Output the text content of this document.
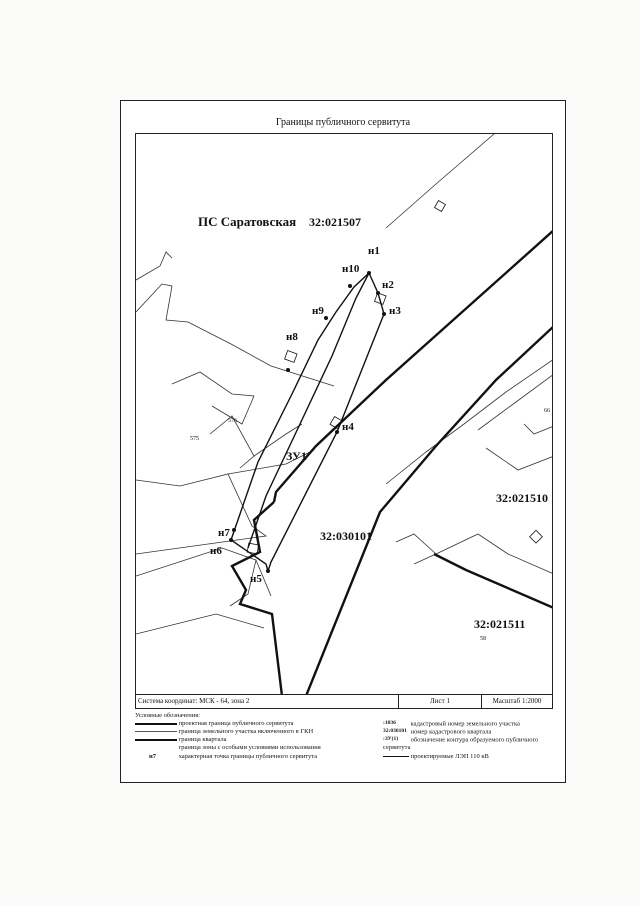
Границы публичного сервитута
ПС Саратовская 32:021507
32:030101
32:021510
32:021511
ЗУ1
н1
н2
н3
н4
н5
н6
н7
н8
н9
н10
576
575
66
58
Система координат: МСК - 64, зона 2	Лист 1	Масштаб 1:2000
Условные обозначения:
проектная граница публичного сервитута
граница земельного участка включенного в ГКН
граница квартала
граница зоны с особыми условиями использования
н7	характерная точка границы публичного сервитута
:1036 кадастровый номер земельного участка
32:030101 номер кадастрового квартала
:ЗУ(1) обозначение контура образуемого публичного сервитута
проектируемые ЛЭП 110 кВ
